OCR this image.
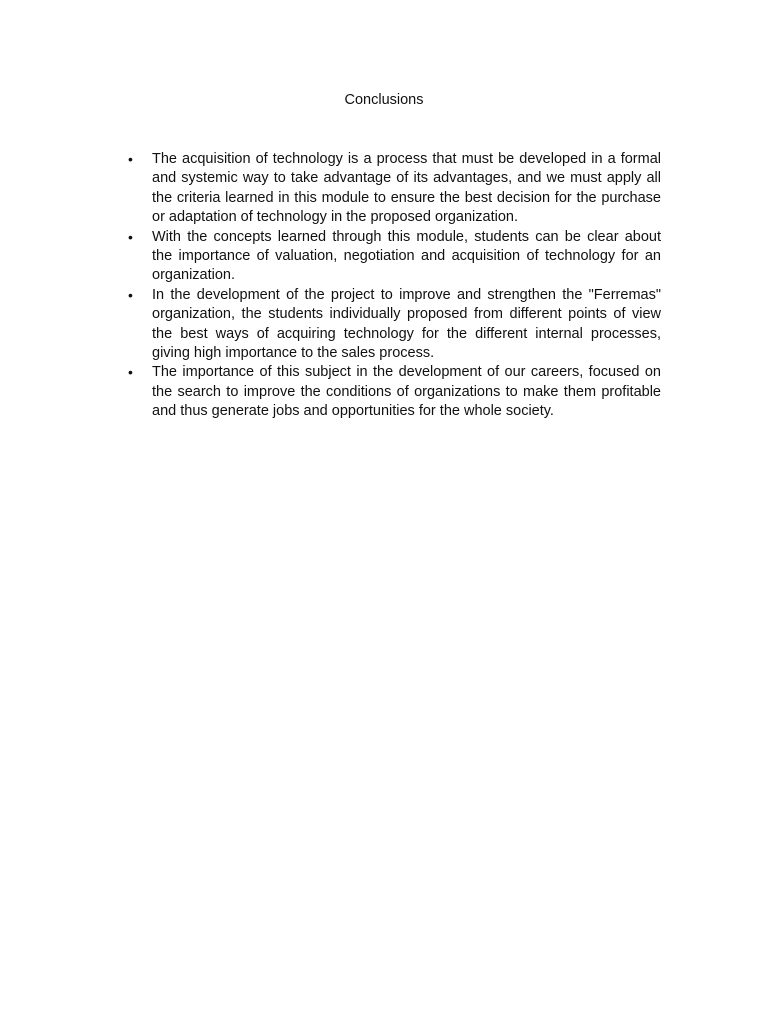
Conclusions
•	The acquisition of technology is a process that must be developed in a formal and systemic way to take advantage of its advantages, and we must apply all the criteria learned in this module to ensure the best decision for the purchase or adaptation of technology in the proposed organization.
•	With the concepts learned through this module, students can be clear about the importance of valuation, negotiation and acquisition of technology for an organization.
•	In the development of the project to improve and strengthen the "Ferremas" organization, the students individually proposed from different points of view the best ways of acquiring technology for the different internal processes, giving high importance to the sales process.
•	The importance of this subject in the development of our careers, focused on the search to improve the conditions of organizations to make them profitable and thus generate jobs and opportunities for the whole society.
